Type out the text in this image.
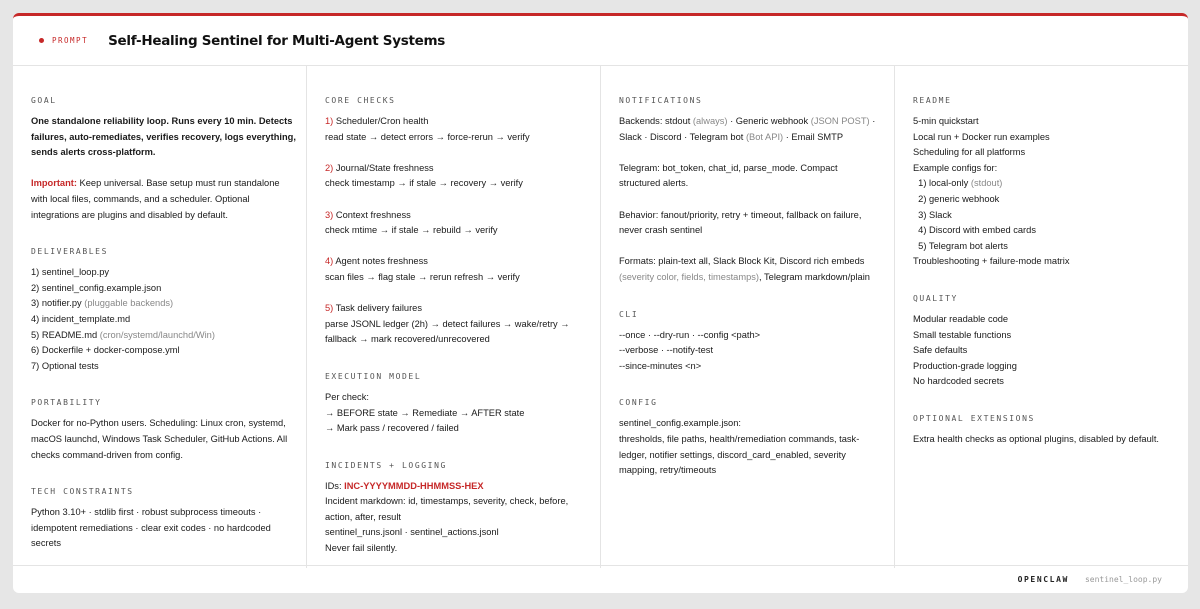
PROMPT Self-Healing Sentinel for Multi-Agent Systems
GOAL
One standalone reliability loop. Runs every 10 min. Detects
failures, auto-remediates, verifies recovery, logs everything,
sends alerts cross-platform.
Important: Keep universal. Base setup must run standalone
with local files, commands, and a scheduler. Optional
integrations are plugins and disabled by default.
DELIVERABLES
1) sentinel_loop.py
2) sentinel_config.example.json
3) notifier.py (pluggable backends)
4) incident_template.md
5) README.md (cron/systemd/launchd/Win)
6) Dockerfile + docker-compose.yml
7) Optional tests
PORTABILITY
Docker for no-Python users. Scheduling: Linux cron, systemd,
macOS launchd, Windows Task Scheduler, GitHub Actions. All
checks command-driven from config.
TECH CONSTRAINTS
Python 3.10+ · stdlib first · robust subprocess timeouts ·
idempotent remediations · clear exit codes · no hardcoded
secrets
CORE CHECKS
1) Scheduler/Cron health
read state → detect errors → force-rerun → verify
2) Journal/State freshness
check timestamp → if stale → recovery → verify
3) Context freshness
check mtime → if stale → rebuild → verify
4) Agent notes freshness
scan files → flag stale → rerun refresh → verify
5) Task delivery failures
parse JSONL ledger (2h) → detect failures → wake/retry →
fallback → mark recovered/unrecovered
EXECUTION MODEL
Per check:
→ BEFORE state → Remediate → AFTER state
→ Mark pass / recovered / failed
INCIDENTS + LOGGING
IDs: INC-YYYYMMDD-HHMMSS-HEX
Incident markdown: id, timestamps, severity, check, before,
action, after, result
sentinel_runs.jsonl · sentinel_actions.jsonl
Never fail silently.
NOTIFICATIONS
Backends: stdout (always) · Generic webhook (JSON POST) ·
Slack · Discord · Telegram bot (Bot API) · Email SMTP
Telegram: bot_token, chat_id, parse_mode. Compact
structured alerts.
Behavior: fanout/priority, retry + timeout, fallback on failure,
never crash sentinel
Formats: plain-text all, Slack Block Kit, Discord rich embeds
(severity color, fields, timestamps), Telegram markdown/plain
CLI
--once · --dry-run · --config <path>
--verbose · --notify-test
--since-minutes <n>
CONFIG
sentinel_config.example.json:
thresholds, file paths, health/remediation commands, task-
ledger, notifier settings, discord_card_enabled, severity
mapping, retry/timeouts
README
5-min quickstart
Local run + Docker run examples
Scheduling for all platforms
Example configs for:
1) local-only (stdout)
2) generic webhook
3) Slack
4) Discord with embed cards
5) Telegram bot alerts
Troubleshooting + failure-mode matrix
QUALITY
Modular readable code
Small testable functions
Safe defaults
Production-grade logging
No hardcoded secrets
OPTIONAL EXTENSIONS
Extra health checks as optional plugins, disabled by default.
OPENCLAW sentinel_loop.py
